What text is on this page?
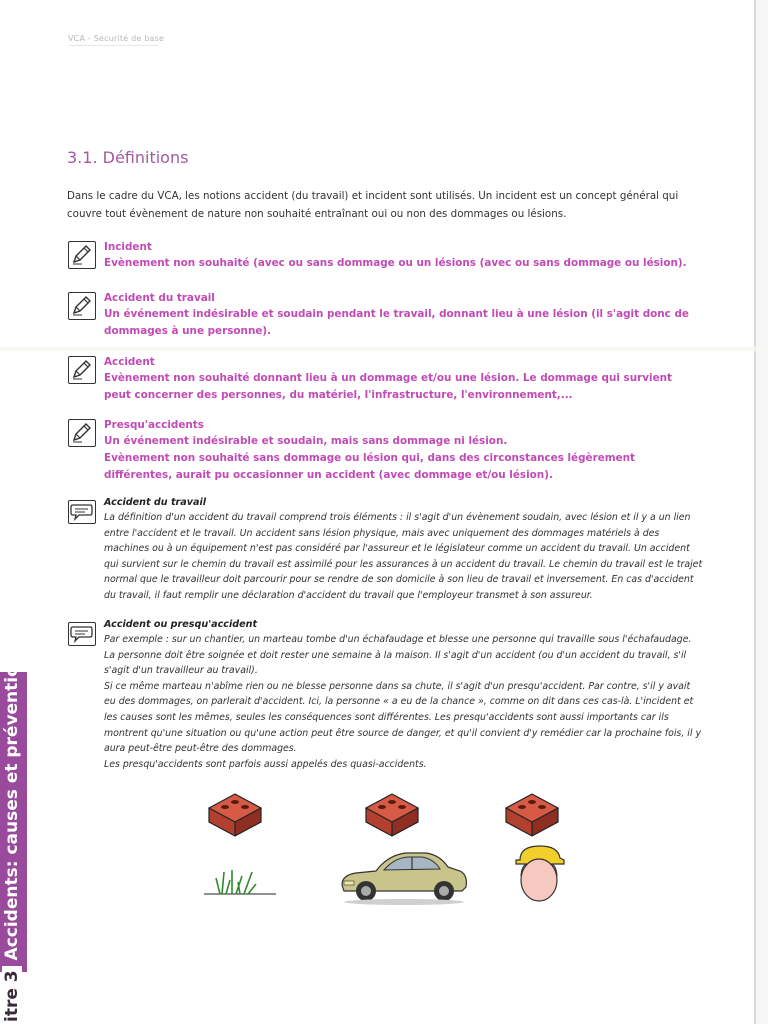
VCA - Sécurité de base
3.1. Définitions

Dans le cadre du VCA, les notions accident (du travail) et incident sont utilisés. Un incident est un concept général qui couvre tout évènement de nature non souhaité entraînant oui ou non des dommages ou lésions.

Incident

Evènement non souhaité (avec ou sans dommage ou un lésions (avec ou sans dommage ou lésion).

Accident du travail

Un événement indésirable et soudain pendant le travail, donnant lieu à une lésion (il s'agit donc de dommages à une personne).

Accident

Evènement non souhaité donnant lieu à un dommage et/ou une lésion. Le dommage qui survient peut concerner des personnes, du matériel, l'infrastructure, l'environnement,...

Presqu'accidents

Un événement indésirable et soudain, mais sans dommage ni lésion.

Evènement non souhaité sans dommage ou lésion qui, dans des circonstances légèrement différentes, aurait pu occasionner un accident (avec dommage et/ou lésion).

Accident du travail

La définition d'un accident du travail comprend trois éléments : il s'agit d'un évènement soudain, avec lésion et il y a un lien entre l'accident et le travail. Un accident sans lésion physique, mais avec uniquement des dommages matériels à des machines ou à un équipement n'est pas considéré par l'assureur et le législateur comme un accident du travail. Un accident qui survient sur le chemin du travail est assimilé pour les assurances à un accident du travail. Le chemin du travail est le trajet normal que le travailleur doit parcourir pour se rendre de son domicile à son lieu de travail et inversement. En cas d'accident du travail, il faut remplir une déclaration d'accident du travail que l'employeur transmet à son assureur.

Accident ou presqu'accident

Par exemple : sur un chantier, un marteau tombe d'un échafaudage et blesse une personne qui travaille sous l'échafaudage. La personne doit être soignée et doit rester une semaine à la maison. Il s'agit d'un accident (ou d'un accident du travail, s'il s'agit d'un travailleur au travail).

Si ce même marteau n'abîme rien ou ne blesse personne dans sa chute, il s'agit d'un presqu'accident. Par contre, s'il y avait eu des dommages, on parlerait d'accident. Ici, la personne « a eu de la chance », comme on dit dans ces cas-là. L'incident et les causes sont les mêmes, seules les conséquences sont différentes. Les presqu'accidents sont aussi importants car ils montrent qu'une situation ou qu'une action peut être source de danger, et qu'il convient d'y remédier car la prochaine fois, il y aura peut-être peut-être des dommages.

Les presqu'accidents sont parfois aussi appelés des quasi-accidents.

itre 3 Accidents: causes et prévention
